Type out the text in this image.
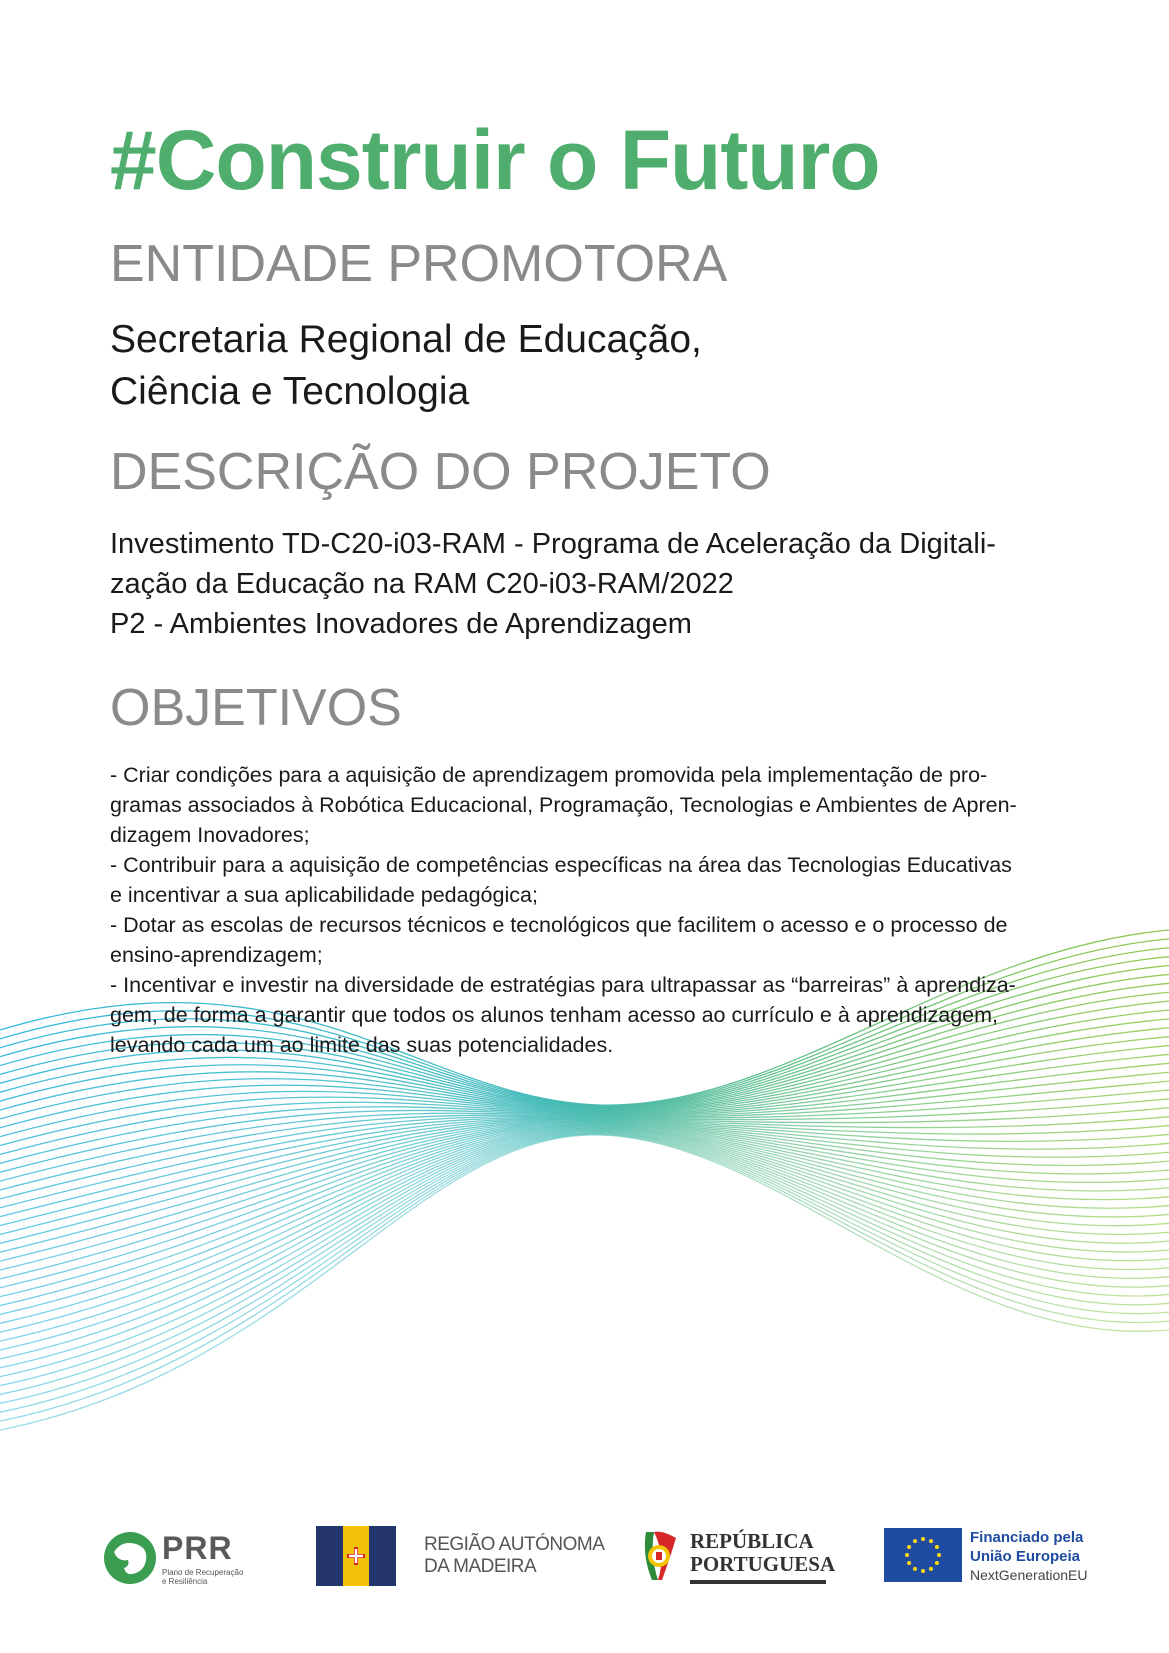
#Construir o Futuro
ENTIDADE PROMOTORA
Secretaria Regional de Educação,
Ciência e Tecnologia
DESCRIÇÃO DO PROJETO
Investimento TD-C20-i03-RAM - Programa de Aceleração da Digitali-
zação da Educação na RAM C20-i03-RAM/2022
P2 - Ambientes Inovadores de Aprendizagem
OBJETIVOS
- Criar condições para a aquisição de aprendizagem promovida pela implementação de pro-
gramas associados à Robótica Educacional, Programação, Tecnologias e Ambientes de Apren-
dizagem Inovadores;
- Contribuir para a aquisição de competências específicas na área das Tecnologias Educativas
e incentivar a sua aplicabilidade pedagógica;
- Dotar as escolas de recursos técnicos e tecnológicos que facilitem o acesso e o processo de
ensino-aprendizagem;
- Incentivar e investir na diversidade de estratégias para ultrapassar as “barreiras” à aprendiza-
gem, de forma a garantir que todos os alunos tenham acesso ao currículo e à aprendizagem,
levando cada um ao limite das suas potencialidades.
PRR
Plano de Recuperação
e Resiliência
REGIÃO AUTÓNOMA
DA MADEIRA
REPÚBLICA
PORTUGUESA
Financiado pela
União Europeia
NextGenerationEU
